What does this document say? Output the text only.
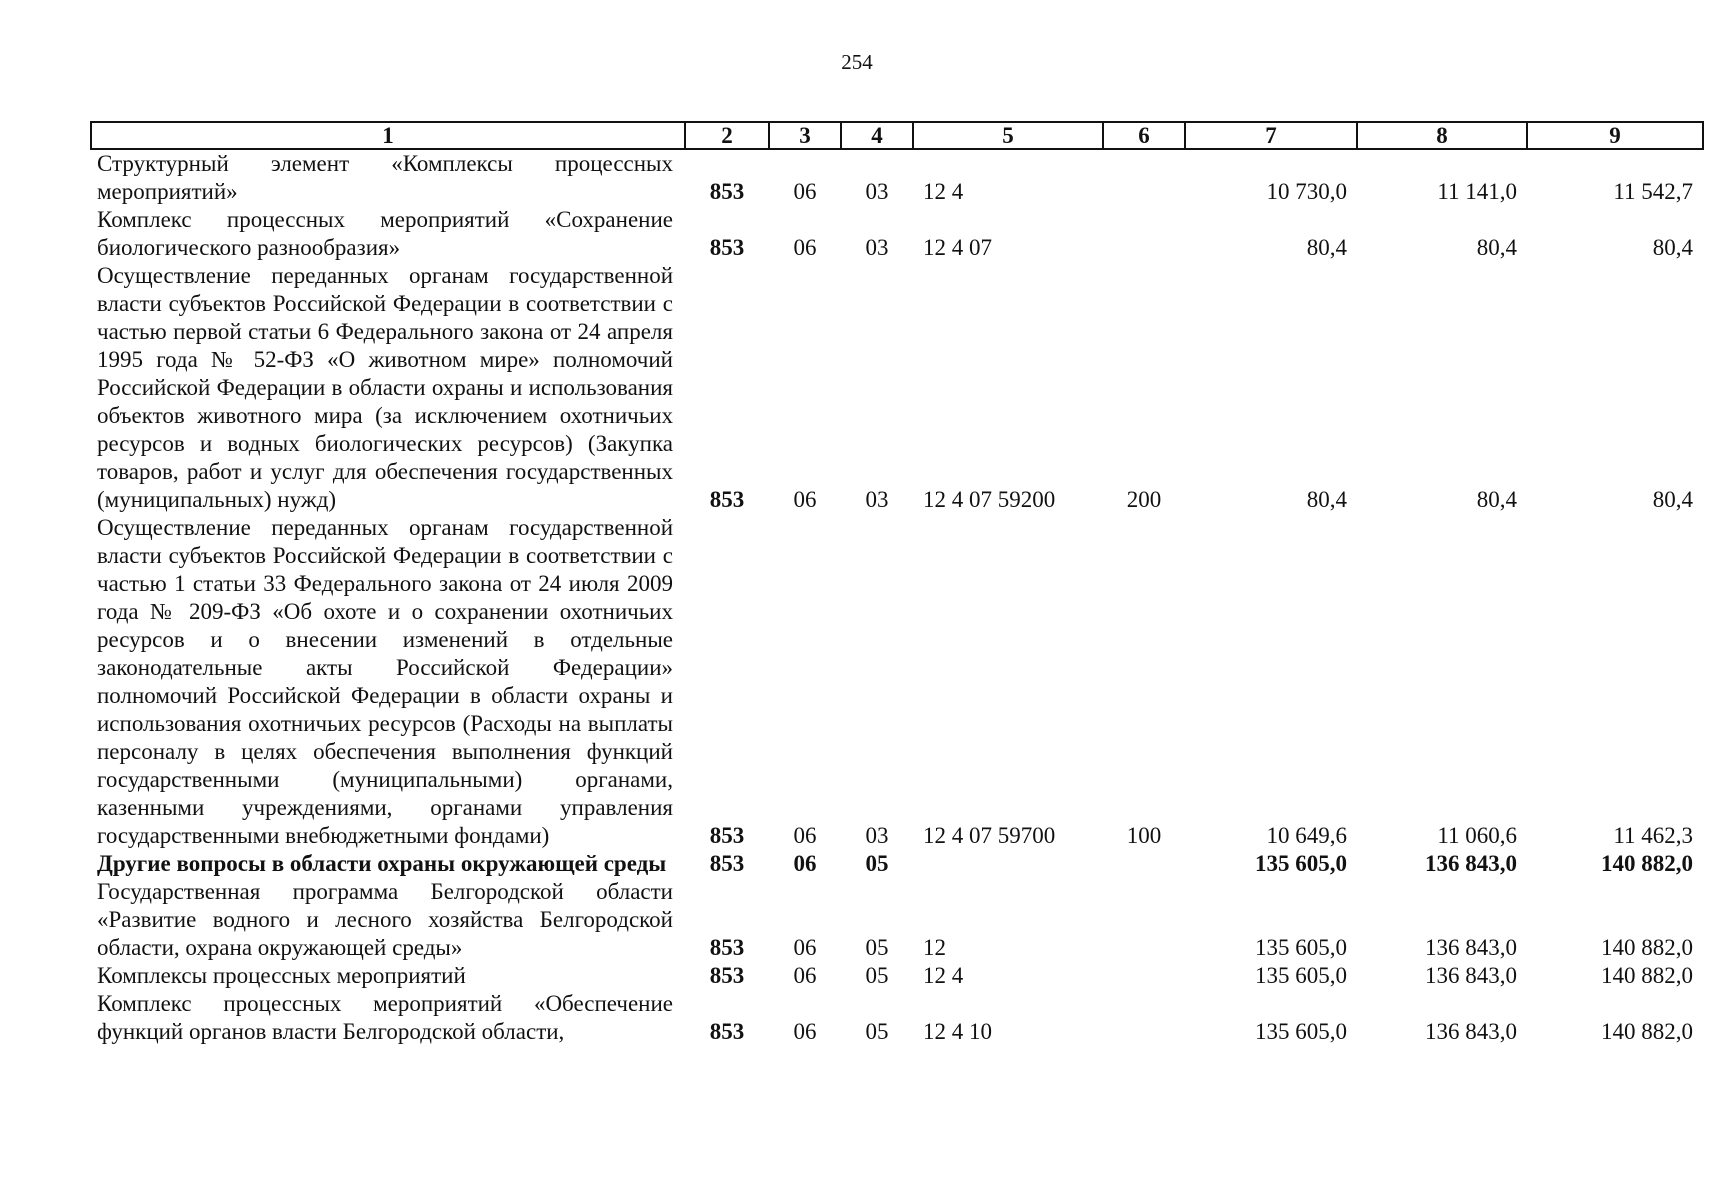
254
1	2	3	4	5	6	7	8	9
Структурный элемент «Комплексы процессных мероприятий»	853	06	03	12 4		10 730,0	11 141,0	11 542,7
Комплекс процессных мероприятий «Сохранение биологического разнообразия»	853	06	03	12 4 07		80,4	80,4	80,4
Осуществление переданных органам государственной власти субъектов Российской Федерации в соответствии с частью первой статьи 6 Федерального закона от 24 апреля 1995 года № 52-ФЗ «О животном мире» полномочий Российской Федерации в области охраны и использования объектов животного мира (за исключением охотничьих ресурсов и водных биологических ресурсов) (Закупка товаров, работ и услуг для обеспечения государственных (муниципальных) нужд)	853	06	03	12 4 07 59200	200	80,4	80,4	80,4
Осуществление переданных органам государственной власти субъектов Российской Федерации в соответствии с частью 1 статьи 33 Федерального закона от 24 июля 2009 года № 209-ФЗ «Об охоте и о сохранении охотничьих ресурсов и о внесении изменений в отдельные законодательные акты Российской Федерации» полномочий Российской Федерации в области охраны и использования охотничьих ресурсов (Расходы на выплаты персоналу в целях обеспечения выполнения функций государственными (муниципальными) органами, казенными учреждениями, органами управления государственными внебюджетными фондами)	853	06	03	12 4 07 59700	100	10 649,6	11 060,6	11 462,3
Другие вопросы в области охраны окружающей среды	853	06	05			135 605,0	136 843,0	140 882,0
Государственная программа Белгородской области «Развитие водного и лесного хозяйства Белгородской области, охрана окружающей среды»	853	06	05	12		135 605,0	136 843,0	140 882,0
Комплексы процессных мероприятий	853	06	05	12 4		135 605,0	136 843,0	140 882,0
Комплекс процессных мероприятий «Обеспечение функций органов власти Белгородской области,	853	06	05	12 4 10		135 605,0	136 843,0	140 882,0
